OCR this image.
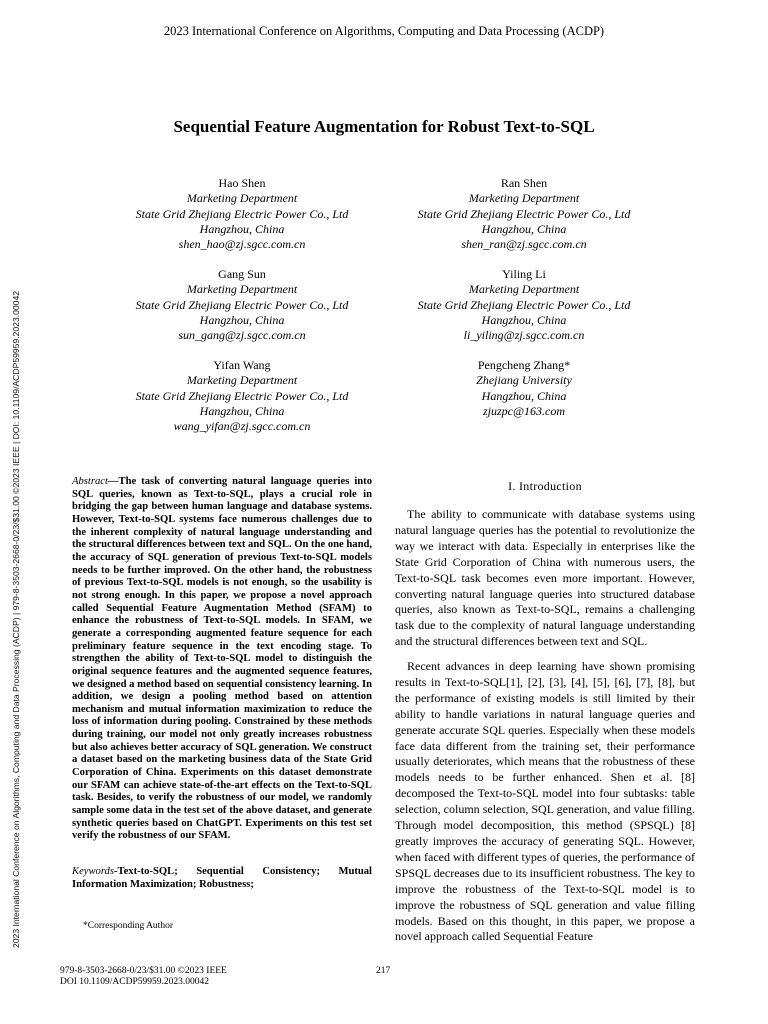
2023 International Conference on Algorithms, Computing and Data Processing (ACDP)
2023 International Conference on Algorithms, Computing and Data Processing (ACDP) | 979-8-3503-2668-0/23/$31.00 ©2023 IEEE | DOI: 10.1109/ACDP59959.2023.00042
Sequential Feature Augmentation for Robust Text-to-SQL
Hao Shen
Marketing Department
State Grid Zhejiang Electric Power Co., Ltd
Hangzhou, China
shen_hao@zj.sgcc.com.cn
Ran Shen
Marketing Department
State Grid Zhejiang Electric Power Co., Ltd
Hangzhou, China
shen_ran@zj.sgcc.com.cn
Gang Sun
Marketing Department
State Grid Zhejiang Electric Power Co., Ltd
Hangzhou, China
sun_gang@zj.sgcc.com.cn
Yiling Li
Marketing Department
State Grid Zhejiang Electric Power Co., Ltd
Hangzhou, China
li_yiling@zj.sgcc.com.cn
Yifan Wang
Marketing Department
State Grid Zhejiang Electric Power Co., Ltd
Hangzhou, China
wang_yifan@zj.sgcc.com.cn
Pengcheng Zhang*
Zhejiang University
Hangzhou, China
zjuzpc@163.com
Abstract—The task of converting natural language queries into SQL queries, known as Text-to-SQL, plays a crucial role in bridging the gap between human language and database systems. However, Text-to-SQL systems face numerous challenges due to the inherent complexity of natural language understanding and the structural differences between text and SQL. On the one hand, the accuracy of SQL generation of previous Text-to-SQL models needs to be further improved. On the other hand, the robustness of previous Text-to-SQL models is not enough, so the usability is not strong enough. In this paper, we propose a novel approach called Sequential Feature Augmentation Method (SFAM) to enhance the robustness of Text-to-SQL models. In SFAM, we generate a corresponding augmented feature sequence for each preliminary feature sequence in the text encoding stage. To strengthen the ability of Text-to-SQL model to distinguish the original sequence features and the augmented sequence features, we designed a method based on sequential consistency learning. In addition, we design a pooling method based on attention mechanism and mutual information maximization to reduce the loss of information during pooling. Constrained by these methods during training, our model not only greatly increases robustness but also achieves better accuracy of SQL generation. We construct a dataset based on the marketing business data of the State Grid Corporation of China. Experiments on this dataset demonstrate our SFAM can achieve state-of-the-art effects on the Text-to-SQL task. Besides, to verify the robustness of our model, we randomly sample some data in the test set of the above dataset, and generate synthetic queries based on ChatGPT. Experiments on this test set verify the robustness of our SFAM.
Keywords-Text-to-SQL; Sequential Consistency; Mutual Information Maximization; Robustness;
*Corresponding Author
I. Introduction

The ability to communicate with database systems using natural language queries has the potential to revolutionize the way we interact with data. Especially in enterprises like the State Grid Corporation of China with numerous users, the Text-to-SQL task becomes even more important. However, converting natural language queries into structured database queries, also known as Text-to-SQL, remains a challenging task due to the complexity of natural language understanding and the structural differences between text and SQL.

Recent advances in deep learning have shown promising results in Text-to-SQL[1], [2], [3], [4], [5], [6], [7], [8], but the performance of existing models is still limited by their ability to handle variations in natural language queries and generate accurate SQL queries. Especially when these models face data different from the training set, their performance usually deteriorates, which means that the robustness of these models needs to be further enhanced. Shen et al. [8] decomposed the Text-to-SQL model into four subtasks: table selection, column selection, SQL generation, and value filling. Through model decomposition, this method (SPSQL) [8] greatly improves the accuracy of generating SQL. However, when faced with different types of queries, the performance of SPSQL decreases due to its insufficient robustness. The key to improve the robustness of the Text-to-SQL model is to improve the robustness of SQL generation and value filling models. Based on this thought, in this paper, we propose a novel approach called Sequential Feature

979-8-3503-2668-0/23/$31.00 ©2023 IEEE
DOI 10.1109/ACDP59959.2023.00042
217
